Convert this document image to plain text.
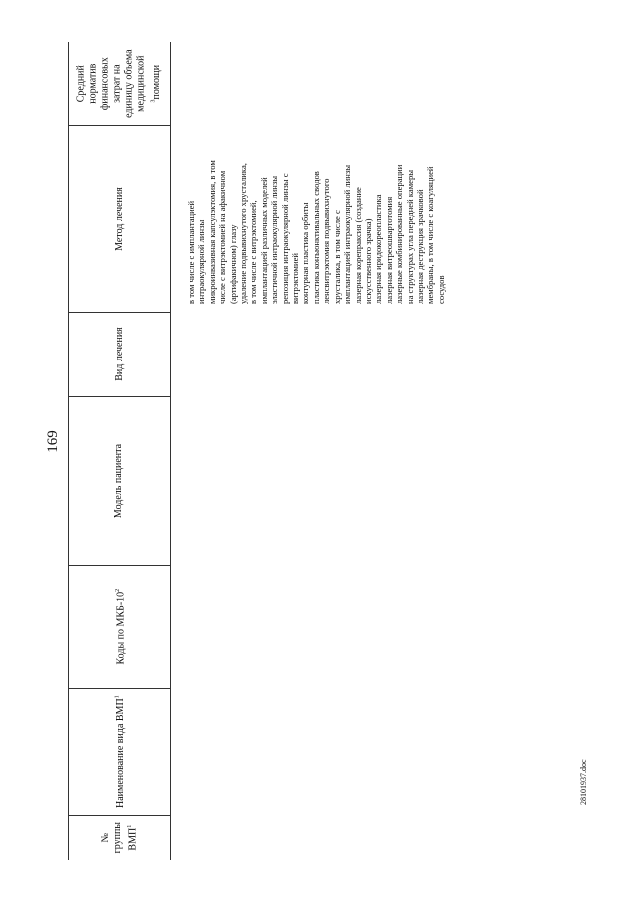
169
Средний норматив финансовых затрат на единицу объема медицинской $^3$помощи
Метод лечения
Вид лечения
Модель пациента
Коды по МКБ-$10^2$
Наименование вида ВМП$^1$
№ группы ВМП$^1$

в том числе с имплантацией интраокулярной линзы микроинвазивная капсулэктомия, в том числе с витрэктомией на афакичном (артифакичном) глазу удаление подвывихнутого хрусталика, в том числе с витрэктомией, имплантацией различных моделей эластичной интраокулярной линзы репозиция интраокулярной линзы с витрэктомией контурная пластика орбиты пластика конъюнктивальных сводов ленсвитрэктомия подвывихнутого хрусталика, в том числе с имплантацией интраокулярной линзы лазерная корепраксия (создание искусственного зрачка) лазерная иридокореопластика лазерная витреошвартотомия лазерные комбинированные операции на структурах угла передней камеры лазерная деструкция зрачковой мембраны, в том числе с коагуляцией сосудов

28101937.doc
